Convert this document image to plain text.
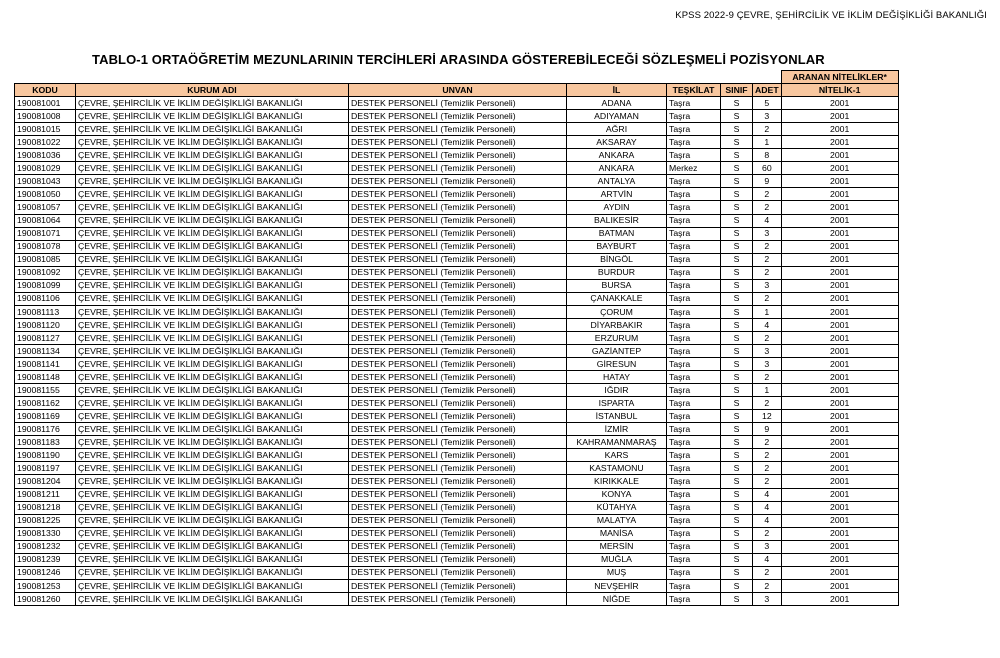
KPSS 2022-9 ÇEVRE, ŞEHİRCİLİK VE İKLİM DEĞİŞİKLİĞİ BAKANLIĞI
TABLO-1 ORTAÖĞRETİM MEZUNLARININ TERCİHLERİ ARASINDA GÖSTEREBİLECEĞİ SÖZLEŞMELİ POZİSYONLAR
							ARANAN NİTELİKLER*
KODU	KURUM ADI	UNVAN	İL	TEŞKİLAT	SINIF	ADET	NİTELİK-1
190081001	ÇEVRE, ŞEHİRCİLİK VE İKLİM DEĞİŞİKLİĞİ BAKANLIĞI	DESTEK PERSONELİ (Temizlik Personeli)	ADANA	Taşra	S	5	2001
190081008	ÇEVRE, ŞEHİRCİLİK VE İKLİM DEĞİŞİKLİĞİ BAKANLIĞI	DESTEK PERSONELİ (Temizlik Personeli)	ADIYAMAN	Taşra	S	3	2001
190081015	ÇEVRE, ŞEHİRCİLİK VE İKLİM DEĞİŞİKLİĞİ BAKANLIĞI	DESTEK PERSONELİ (Temizlik Personeli)	AĞRI	Taşra	S	2	2001
190081022	ÇEVRE, ŞEHİRCİLİK VE İKLİM DEĞİŞİKLİĞİ BAKANLIĞI	DESTEK PERSONELİ (Temizlik Personeli)	AKSARAY	Taşra	S	1	2001
190081036	ÇEVRE, ŞEHİRCİLİK VE İKLİM DEĞİŞİKLİĞİ BAKANLIĞI	DESTEK PERSONELİ (Temizlik Personeli)	ANKARA	Taşra	S	8	2001
190081029	ÇEVRE, ŞEHİRCİLİK VE İKLİM DEĞİŞİKLİĞİ BAKANLIĞI	DESTEK PERSONELİ (Temizlik Personeli)	ANKARA	Merkez	S	60	2001
190081043	ÇEVRE, ŞEHİRCİLİK VE İKLİM DEĞİŞİKLİĞİ BAKANLIĞI	DESTEK PERSONELİ (Temizlik Personeli)	ANTALYA	Taşra	S	9	2001
190081050	ÇEVRE, ŞEHİRCİLİK VE İKLİM DEĞİŞİKLİĞİ BAKANLIĞI	DESTEK PERSONELİ (Temizlik Personeli)	ARTVİN	Taşra	S	2	2001
190081057	ÇEVRE, ŞEHİRCİLİK VE İKLİM DEĞİŞİKLİĞİ BAKANLIĞI	DESTEK PERSONELİ (Temizlik Personeli)	AYDIN	Taşra	S	2	2001
190081064	ÇEVRE, ŞEHİRCİLİK VE İKLİM DEĞİŞİKLİĞİ BAKANLIĞI	DESTEK PERSONELİ (Temizlik Personeli)	BALIKESİR	Taşra	S	4	2001
190081071	ÇEVRE, ŞEHİRCİLİK VE İKLİM DEĞİŞİKLİĞİ BAKANLIĞI	DESTEK PERSONELİ (Temizlik Personeli)	BATMAN	Taşra	S	3	2001
190081078	ÇEVRE, ŞEHİRCİLİK VE İKLİM DEĞİŞİKLİĞİ BAKANLIĞI	DESTEK PERSONELİ (Temizlik Personeli)	BAYBURT	Taşra	S	2	2001
190081085	ÇEVRE, ŞEHİRCİLİK VE İKLİM DEĞİŞİKLİĞİ BAKANLIĞI	DESTEK PERSONELİ (Temizlik Personeli)	BİNGÖL	Taşra	S	2	2001
190081092	ÇEVRE, ŞEHİRCİLİK VE İKLİM DEĞİŞİKLİĞİ BAKANLIĞI	DESTEK PERSONELİ (Temizlik Personeli)	BURDUR	Taşra	S	2	2001
190081099	ÇEVRE, ŞEHİRCİLİK VE İKLİM DEĞİŞİKLİĞİ BAKANLIĞI	DESTEK PERSONELİ (Temizlik Personeli)	BURSA	Taşra	S	3	2001
190081106	ÇEVRE, ŞEHİRCİLİK VE İKLİM DEĞİŞİKLİĞİ BAKANLIĞI	DESTEK PERSONELİ (Temizlik Personeli)	ÇANAKKALE	Taşra	S	2	2001
190081113	ÇEVRE, ŞEHİRCİLİK VE İKLİM DEĞİŞİKLİĞİ BAKANLIĞI	DESTEK PERSONELİ (Temizlik Personeli)	ÇORUM	Taşra	S	1	2001
190081120	ÇEVRE, ŞEHİRCİLİK VE İKLİM DEĞİŞİKLİĞİ BAKANLIĞI	DESTEK PERSONELİ (Temizlik Personeli)	DİYARBAKIR	Taşra	S	4	2001
190081127	ÇEVRE, ŞEHİRCİLİK VE İKLİM DEĞİŞİKLİĞİ BAKANLIĞI	DESTEK PERSONELİ (Temizlik Personeli)	ERZURUM	Taşra	S	2	2001
190081134	ÇEVRE, ŞEHİRCİLİK VE İKLİM DEĞİŞİKLİĞİ BAKANLIĞI	DESTEK PERSONELİ (Temizlik Personeli)	GAZİANTEP	Taşra	S	3	2001
190081141	ÇEVRE, ŞEHİRCİLİK VE İKLİM DEĞİŞİKLİĞİ BAKANLIĞI	DESTEK PERSONELİ (Temizlik Personeli)	GİRESUN	Taşra	S	3	2001
190081148	ÇEVRE, ŞEHİRCİLİK VE İKLİM DEĞİŞİKLİĞİ BAKANLIĞI	DESTEK PERSONELİ (Temizlik Personeli)	HATAY	Taşra	S	2	2001
190081155	ÇEVRE, ŞEHİRCİLİK VE İKLİM DEĞİŞİKLİĞİ BAKANLIĞI	DESTEK PERSONELİ (Temizlik Personeli)	IĞDIR	Taşra	S	1	2001
190081162	ÇEVRE, ŞEHİRCİLİK VE İKLİM DEĞİŞİKLİĞİ BAKANLIĞI	DESTEK PERSONELİ (Temizlik Personeli)	ISPARTA	Taşra	S	2	2001
190081169	ÇEVRE, ŞEHİRCİLİK VE İKLİM DEĞİŞİKLİĞİ BAKANLIĞI	DESTEK PERSONELİ (Temizlik Personeli)	İSTANBUL	Taşra	S	12	2001
190081176	ÇEVRE, ŞEHİRCİLİK VE İKLİM DEĞİŞİKLİĞİ BAKANLIĞI	DESTEK PERSONELİ (Temizlik Personeli)	İZMİR	Taşra	S	9	2001
190081183	ÇEVRE, ŞEHİRCİLİK VE İKLİM DEĞİŞİKLİĞİ BAKANLIĞI	DESTEK PERSONELİ (Temizlik Personeli)	KAHRAMANMARAŞ	Taşra	S	2	2001
190081190	ÇEVRE, ŞEHİRCİLİK VE İKLİM DEĞİŞİKLİĞİ BAKANLIĞI	DESTEK PERSONELİ (Temizlik Personeli)	KARS	Taşra	S	2	2001
190081197	ÇEVRE, ŞEHİRCİLİK VE İKLİM DEĞİŞİKLİĞİ BAKANLIĞI	DESTEK PERSONELİ (Temizlik Personeli)	KASTAMONU	Taşra	S	2	2001
190081204	ÇEVRE, ŞEHİRCİLİK VE İKLİM DEĞİŞİKLİĞİ BAKANLIĞI	DESTEK PERSONELİ (Temizlik Personeli)	KIRIKKALE	Taşra	S	2	2001
190081211	ÇEVRE, ŞEHİRCİLİK VE İKLİM DEĞİŞİKLİĞİ BAKANLIĞI	DESTEK PERSONELİ (Temizlik Personeli)	KONYA	Taşra	S	4	2001
190081218	ÇEVRE, ŞEHİRCİLİK VE İKLİM DEĞİŞİKLİĞİ BAKANLIĞI	DESTEK PERSONELİ (Temizlik Personeli)	KÜTAHYA	Taşra	S	4	2001
190081225	ÇEVRE, ŞEHİRCİLİK VE İKLİM DEĞİŞİKLİĞİ BAKANLIĞI	DESTEK PERSONELİ (Temizlik Personeli)	MALATYA	Taşra	S	4	2001
190081330	ÇEVRE, ŞEHİRCİLİK VE İKLİM DEĞİŞİKLİĞİ BAKANLIĞI	DESTEK PERSONELİ (Temizlik Personeli)	MANİSA	Taşra	S	2	2001
190081232	ÇEVRE, ŞEHİRCİLİK VE İKLİM DEĞİŞİKLİĞİ BAKANLIĞI	DESTEK PERSONELİ (Temizlik Personeli)	MERSİN	Taşra	S	3	2001
190081239	ÇEVRE, ŞEHİRCİLİK VE İKLİM DEĞİŞİKLİĞİ BAKANLIĞI	DESTEK PERSONELİ (Temizlik Personeli)	MUĞLA	Taşra	S	4	2001
190081246	ÇEVRE, ŞEHİRCİLİK VE İKLİM DEĞİŞİKLİĞİ BAKANLIĞI	DESTEK PERSONELİ (Temizlik Personeli)	MUŞ	Taşra	S	2	2001
190081253	ÇEVRE, ŞEHİRCİLİK VE İKLİM DEĞİŞİKLİĞİ BAKANLIĞI	DESTEK PERSONELİ (Temizlik Personeli)	NEVŞEHİR	Taşra	S	2	2001
190081260	ÇEVRE, ŞEHİRCİLİK VE İKLİM DEĞİŞİKLİĞİ BAKANLIĞI	DESTEK PERSONELİ (Temizlik Personeli)	NİĞDE	Taşra	S	3	2001
